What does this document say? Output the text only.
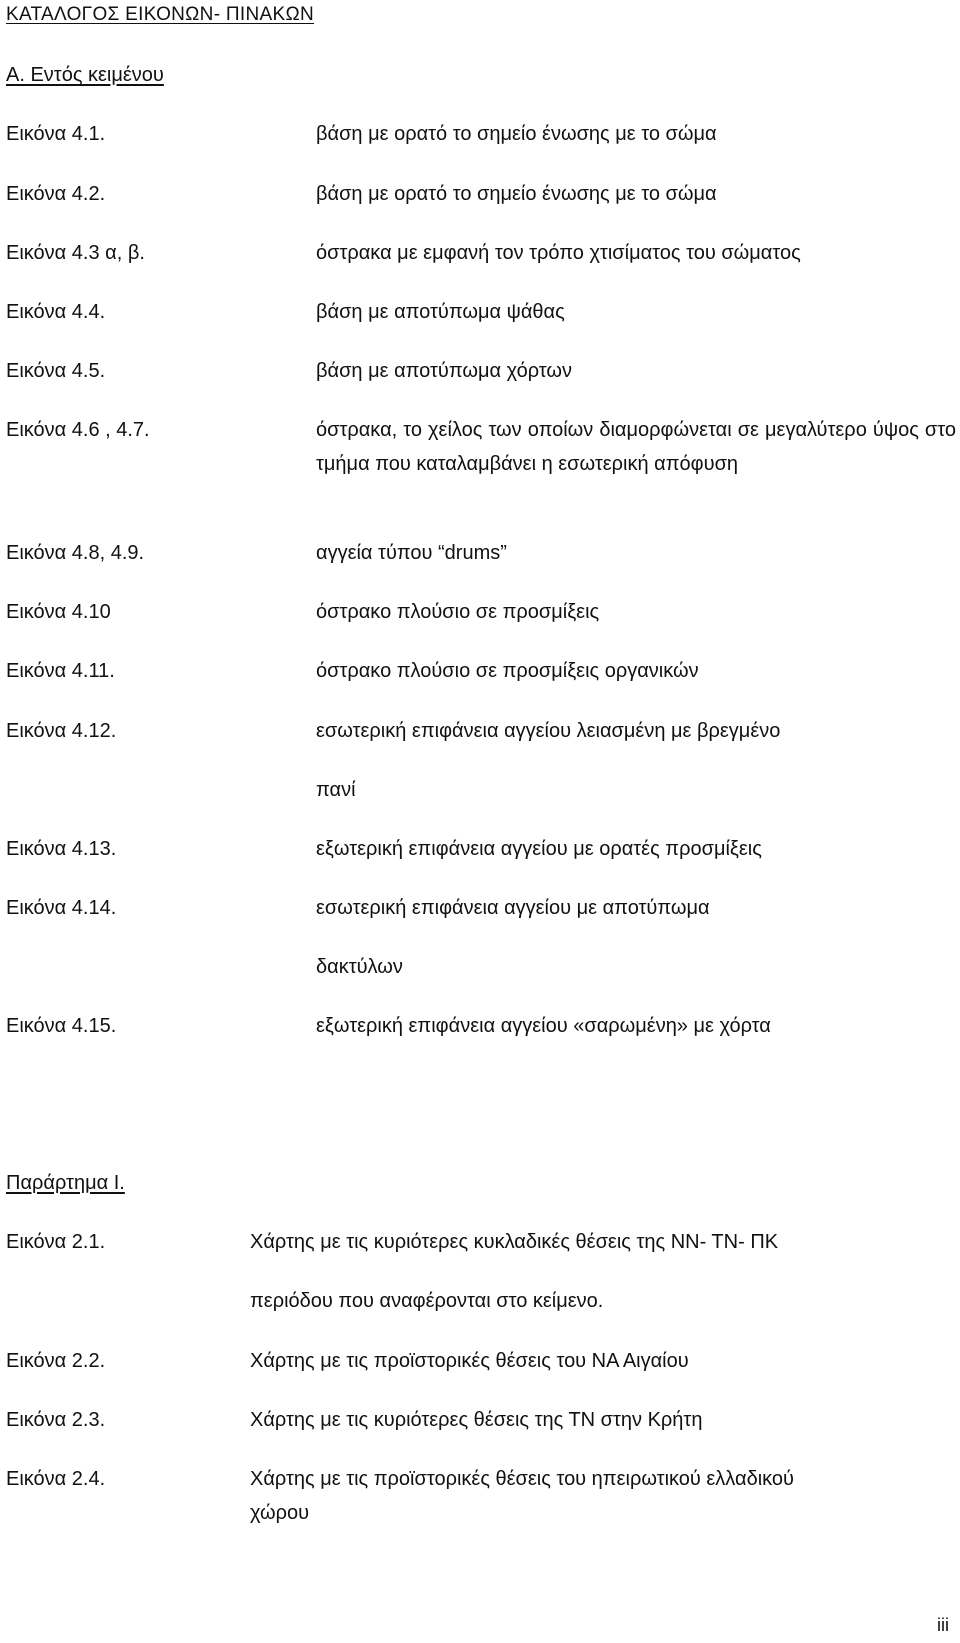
ΚΑΤΑΛΟΓΟΣ ΕΙΚΟΝΩΝ- ΠΙΝΑΚΩΝ
Α. Εντός κειμένου
Εικόνα 4.1.	βάση με ορατό το σημείο ένωσης με το σώμα
Εικόνα 4.2.	βάση με ορατό το σημείο ένωσης με το σώμα
Εικόνα 4.3 α, β.	όστρακα με εμφανή τον τρόπο χτισίματος του σώματος
Εικόνα 4.4.	βάση με αποτύπωμα ψάθας
Εικόνα 4.5.	βάση με αποτύπωμα χόρτων
Εικόνα 4.6 , 4.7.	όστρακα, το χείλος των οποίων διαμορφώνεται σε μεγαλύτερο ύψος στο τμήμα που καταλαμβάνει η εσωτερική απόφυση
Εικόνα 4.8, 4.9.	αγγεία τύπου “drums”
Εικόνα 4.10	όστρακο πλούσιο σε προσμίξεις
Εικόνα 4.11.	όστρακο πλούσιο σε προσμίξεις οργανικών
Εικόνα 4.12.	εσωτερική επιφάνεια αγγείου λειασμένη με βρεγμένο
πανί
Εικόνα 4.13.	εξωτερική επιφάνεια αγγείου με ορατές προσμίξεις
Εικόνα 4.14.	εσωτερική επιφάνεια αγγείου με αποτύπωμα
δακτύλων
Εικόνα 4.15.	εξωτερική επιφάνεια αγγείου «σαρωμένη» με χόρτα
Παράρτημα Ι.
Εικόνα 2.1.	Χάρτης με τις κυριότερες κυκλαδικές θέσεις της ΝΝ- ΤΝ- ΠΚ
περιόδου που αναφέρονται στο κείμενο.
Εικόνα 2.2.	Χάρτης με τις προϊστορικές θέσεις του ΝΑ Αιγαίου
Εικόνα 2.3.	Χάρτης με τις κυριότερες θέσεις της ΤΝ στην Κρήτη
Εικόνα 2.4.	Χάρτης με τις προϊστορικές θέσεις του ηπειρωτικού ελλαδικού
χώρου
iii
